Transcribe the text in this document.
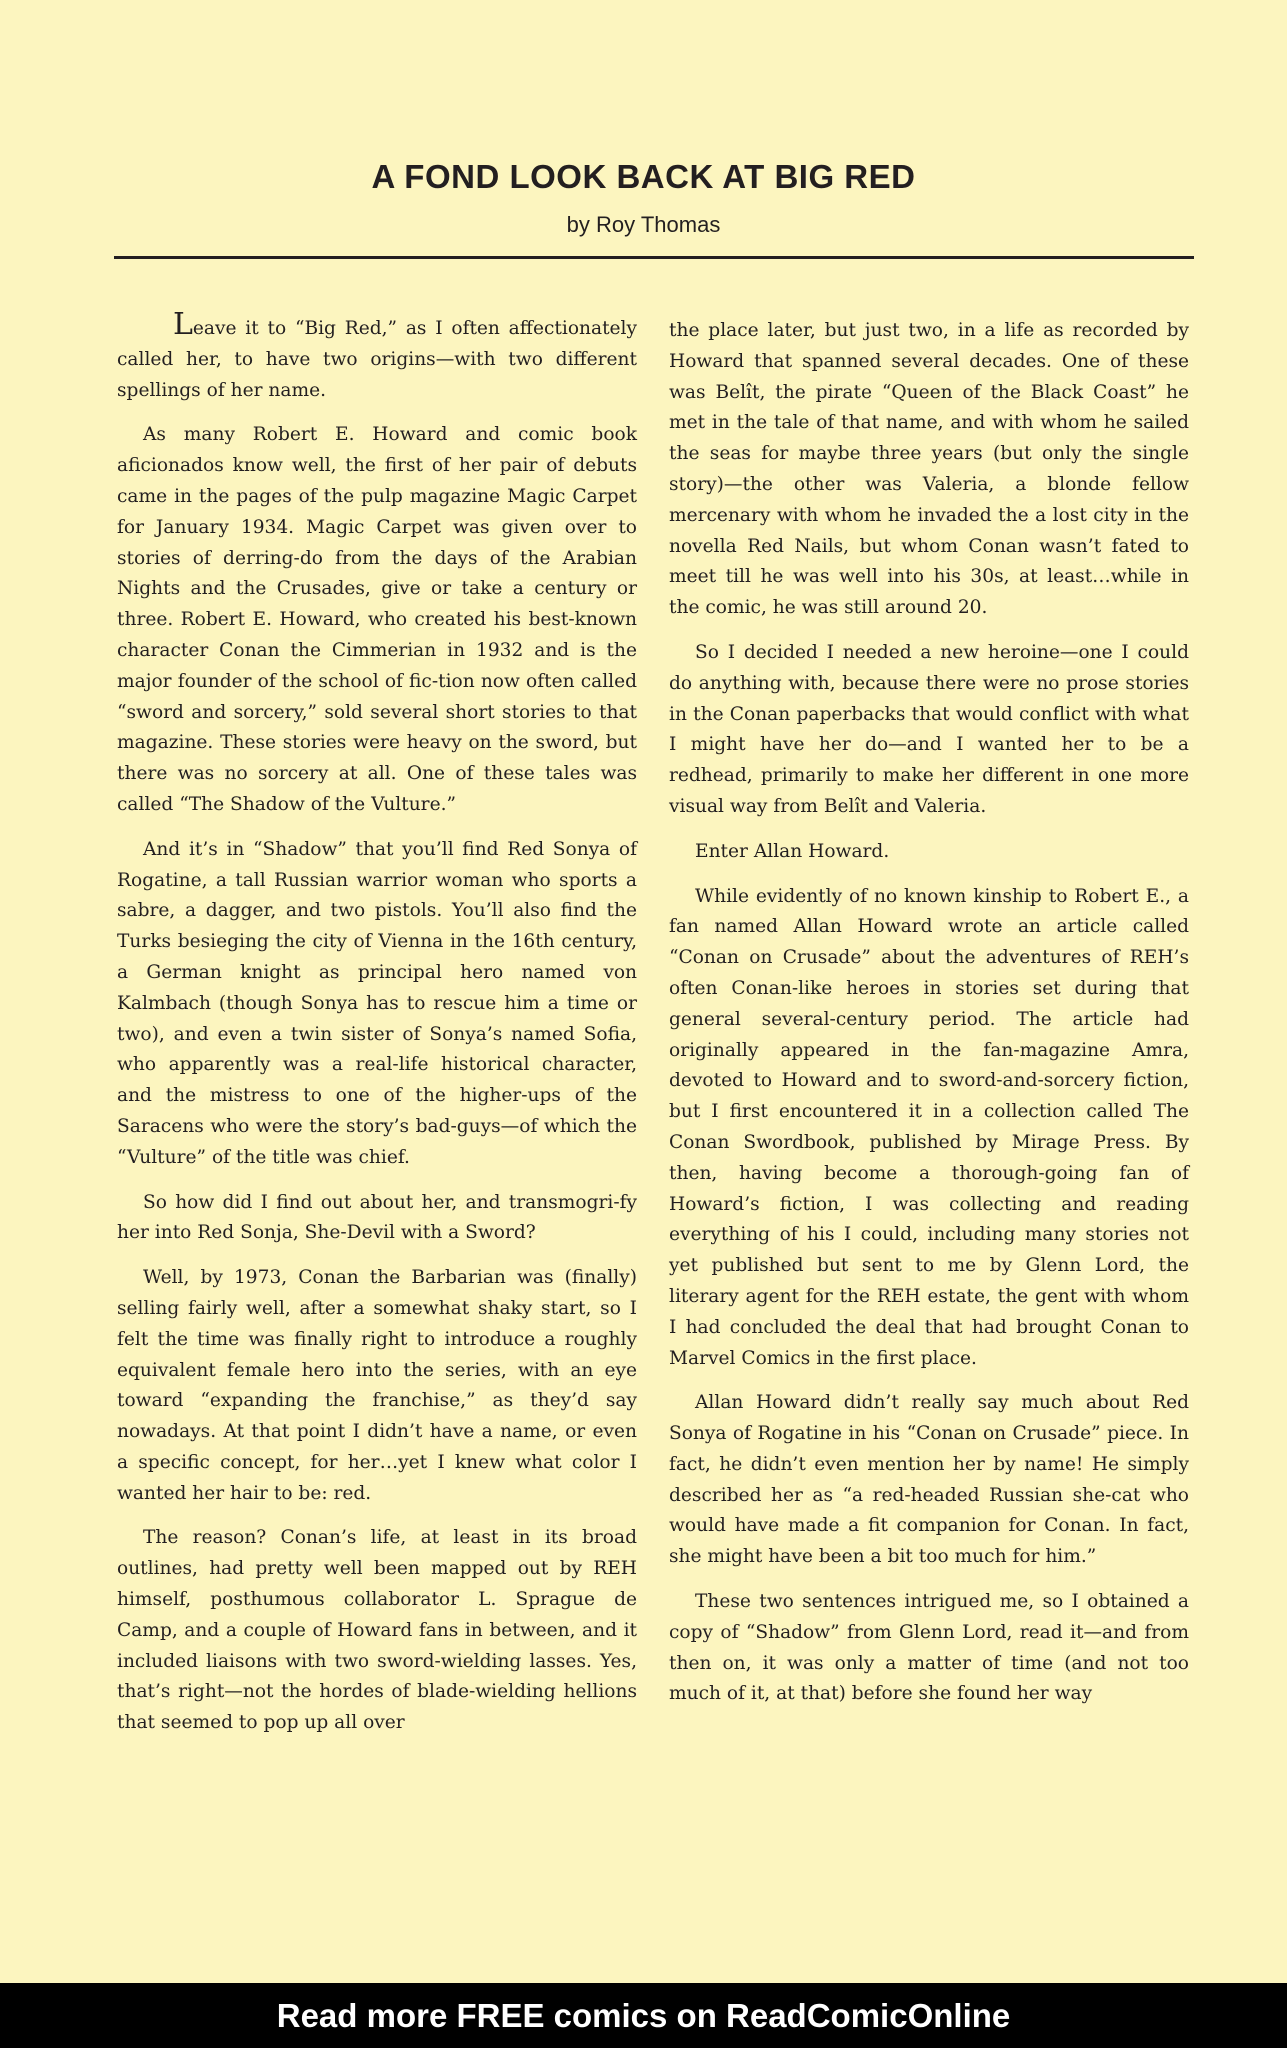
A FOND LOOK BACK AT BIG RED
by Roy Thomas

Leave it to “Big Red,” as I often affectionately called her, to have two origins—with two different spellings of her name.

As many Robert E. Howard and comic book aficionados know well, the first of her pair of debuts came in the pages of the pulp magazine Magic Carpet for January 1934. Magic Carpet was given over to stories of derring-do from the days of the Arabian Nights and the Crusades, give or take a century or three. Robert E. Howard, who created his best-known character Conan the Cimmerian in 1932 and is the major founder of the school of fic-tion now often called “sword and sorcery,” sold several short stories to that magazine. These stories were heavy on the sword, but there was no sorcery at all. One of these tales was called “The Shadow of the Vulture.”

And it’s in “Shadow” that you’ll find Red Sonya of Rogatine, a tall Russian warrior woman who sports a sabre, a dagger, and two pistols. You’ll also find the Turks besieging the city of Vienna in the 16th century, a German knight as principal hero named von Kalmbach (though Sonya has to rescue him a time or two), and even a twin sister of Sonya’s named Sofia, who apparently was a real-life historical character, and the mistress to one of the higher-ups of the Saracens who were the story’s bad-guys—of which the “Vulture” of the title was chief.

So how did I find out about her, and transmogri-fy her into Red Sonja, She-Devil with a Sword?

Well, by 1973, Conan the Barbarian was (finally) selling fairly well, after a somewhat shaky start, so I felt the time was finally right to introduce a roughly equivalent female hero into the series, with an eye toward “expanding the franchise,” as they’d say nowadays. At that point I didn’t have a name, or even a specific concept, for her…yet I knew what color I wanted her hair to be: red.

The reason? Conan’s life, at least in its broad outlines, had pretty well been mapped out by REH himself, posthumous collaborator L. Sprague de Camp, and a couple of Howard fans in between, and it included liaisons with two sword-wielding lasses. Yes, that’s right—not the hordes of blade-wielding hellions that seemed to pop up all over

the place later, but just two, in a life as recorded by Howard that spanned several decades. One of these was Belît, the pirate “Queen of the Black Coast” he met in the tale of that name, and with whom he sailed the seas for maybe three years (but only the single story)—the other was Valeria, a blonde fellow mercenary with whom he invaded the a lost city in the novella Red Nails, but whom Conan wasn’t fated to meet till he was well into his 30s, at least…while in the comic, he was still around 20.

So I decided I needed a new heroine—one I could do anything with, because there were no prose stories in the Conan paperbacks that would conflict with what I might have her do—and I wanted her to be a redhead, primarily to make her different in one more visual way from Belît and Valeria.

Enter Allan Howard.

While evidently of no known kinship to Robert E., a fan named Allan Howard wrote an article called “Conan on Crusade” about the adventures of REH’s often Conan-like heroes in stories set during that general several-century period. The article had originally appeared in the fan-magazine Amra, devoted to Howard and to sword-and-sorcery fiction, but I first encountered it in a collection called The Conan Swordbook, published by Mirage Press. By then, having become a thorough-going fan of Howard’s fiction, I was collecting and reading everything of his I could, including many stories not yet published but sent to me by Glenn Lord, the literary agent for the REH estate, the gent with whom I had concluded the deal that had brought Conan to Marvel Comics in the first place.

Allan Howard didn’t really say much about Red Sonya of Rogatine in his “Conan on Crusade” piece. In fact, he didn’t even mention her by name! He simply described her as “a red-headed Russian she-cat who would have made a fit companion for Conan. In fact, she might have been a bit too much for him.”

These two sentences intrigued me, so I obtained a copy of “Shadow” from Glenn Lord, read it—and from then on, it was only a matter of time (and not too much of it, at that) before she found her way

Read more FREE comics on ReadComicOnline
